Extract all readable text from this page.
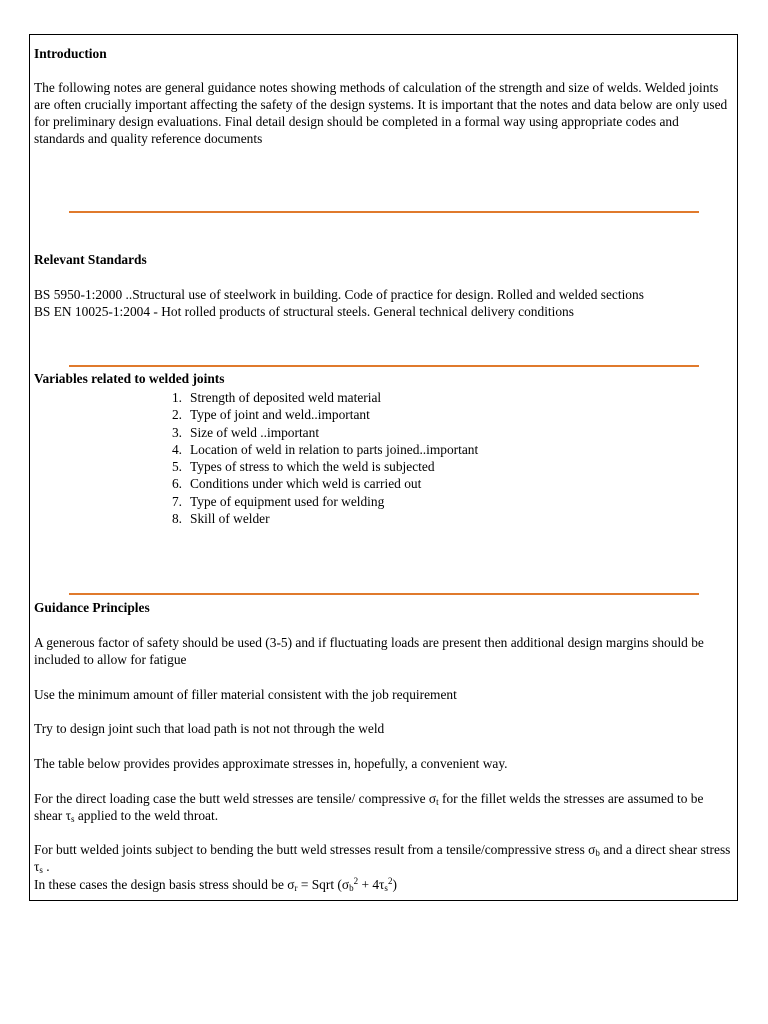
Introduction
The following notes are general guidance notes showing methods of calculation of the strength and size of welds. Welded joints are often crucially important affecting the safety of the design systems. It is important that the notes and data below are only used for preliminary design evaluations. Final detail design should be completed in a formal way using appropriate codes and standards and quality reference documents
Relevant Standards
BS 5950-1:2000 ..Structural use of steelwork in building. Code of practice for design. Rolled and welded sections
BS EN 10025-1:2004 - Hot rolled products of structural steels. General technical delivery conditions
Variables related to welded joints
1. Strength of deposited weld material
2. Type of joint and weld..important
3. Size of weld ..important
4. Location of weld in relation to parts joined..important
5. Types of stress to which the weld is subjected
6. Conditions under which weld is carried out
7. Type of equipment used for welding
8. Skill of welder
Guidance Principles
A generous factor of safety should be used (3-5) and if fluctuating loads are present then additional design margins should be included to allow for fatigue
Use the minimum amount of filler material consistent with the job requirement
Try to design joint such that load path is not not through the weld
The table below provides provides approximate stresses in, hopefully, a convenient way.
For the direct loading case the butt weld stresses are tensile/ compressive $\sigma_t$ for the fillet welds the stresses are assumed to be shear $\tau_s$ applied to the weld throat.
For butt welded joints subject to bending the butt weld stresses result from a tensile/compressive stress $\sigma_b$ and a direct shear stress $\tau_s$ .
In these cases the design basis stress should be $\sigma_r$ = Sqrt $(\sigma_b^2 + 4\tau_s^2)$
